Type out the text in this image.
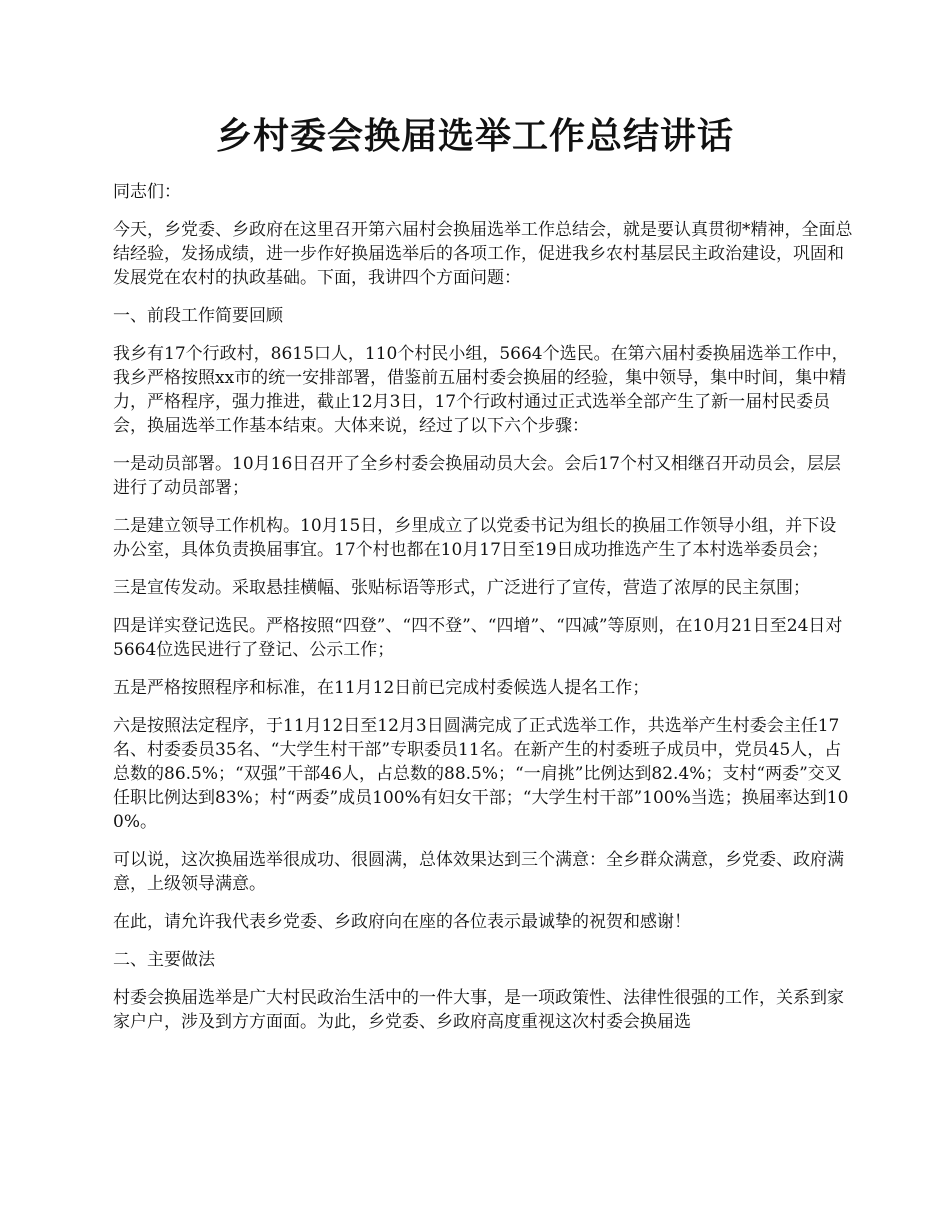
乡村委会换届选举工作总结讲话

同志们：

今天，乡党委、乡政府在这里召开第六届村会换届选举工作总结会，就是要认真贯彻*精神，全面总结经验，发扬成绩，进一步作好换届选举后的各项工作，促进我乡农村基层民主政治建设，巩固和发展党在农村的执政基础。下面，我讲四个方面问题：

一、前段工作简要回顾

我乡有17个行政村，8615口人，110个村民小组，5664个选民。在第六届村委换届选举工作中，我乡严格按照xx市的统一安排部署，借鉴前五届村委会换届的经验，集中领导，集中时间，集中精力，严格程序，强力推进，截止12月3日，17个行政村通过正式选举全部产生了新一届村民委员会，换届选举工作基本结束。大体来说，经过了以下六个步骤：

一是动员部署。10月16日召开了全乡村委会换届动员大会。会后17个村又相继召开动员会，层层进行了动员部署；

二是建立领导工作机构。10月15日，乡里成立了以党委书记为组长的换届工作领导小组，并下设办公室，具体负责换届事宜。17个村也都在10月17日至19日成功推选产生了本村选举委员会；

三是宣传发动。采取悬挂横幅、张贴标语等形式，广泛进行了宣传，营造了浓厚的民主氛围；

四是详实登记选民。严格按照“四登”、“四不登”、“四增”、“四减”等原则，在10月21日至24日对5664位选民进行了登记、公示工作；

五是严格按照程序和标准，在11月12日前已完成村委候选人提名工作；

六是按照法定程序，于11月12日至12月3日圆满完成了正式选举工作，共选举产生村委会主任17名、村委委员35名、“大学生村干部”专职委员11名。在新产生的村委班子成员中，党员45人，占总数的86.5%；“双强”干部46人，占总数的88.5%；“一肩挑”比例达到82.4%；支村“两委”交叉任职比例达到83%；村“两委”成员100%有妇女干部；“大学生村干部”100%当选；换届率达到100%。

可以说，这次换届选举很成功、很圆满，总体效果达到三个满意：全乡群众满意，乡党委、政府满意，上级领导满意。

在此，请允许我代表乡党委、乡政府向在座的各位表示最诚挚的祝贺和感谢！

二、主要做法

村委会换届选举是广大村民政治生活中的一件大事，是一项政策性、法律性很强的工作，关系到家家户户，涉及到方方面面。为此，乡党委、乡政府高度重视这次村委会换届选
